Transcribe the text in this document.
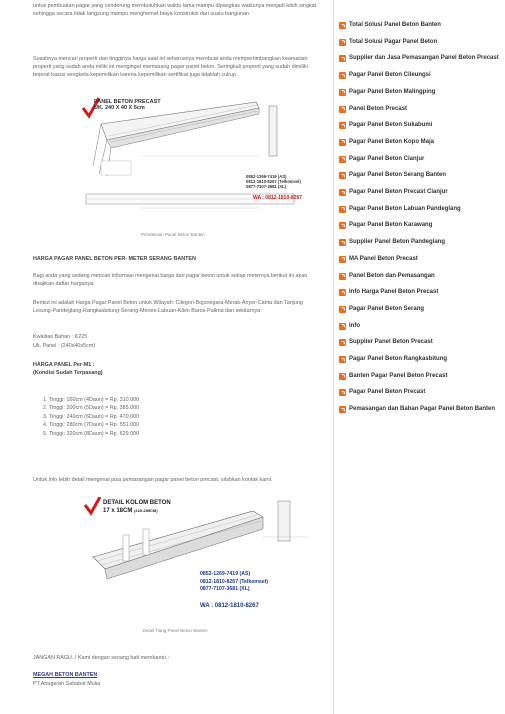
untuk pembuatan pagar yang cenderung membutuhkan waktu lama mampu dipangkas waktunya menjadi lebih singkat sehingga secara tidak langsung mampu menghemat biaya konstruksi dari suatu bangunan.

Susahnya mencari properti dan tingginya harga saat ini seharusnya membuat anda mempertimbangkan keamanan properti yang sudah anda miliki ini mengingat memasang pagar panel beton. Seringkali properti yang sudah dimiliki terjerat kasus sengketa kepemilikan karena kepemilikan sertifikat juga tidaklah cukup.

PANEL BETON PRECAST
UK. 240 X 40 X 5cm
0852-1269-7419 (AS)
0812-1810-8267 (Telkomsel)
0877-7107-3681 (XL)
WA : 0812-1810-8267
Pembesian Panel Beton Banten

HARGA PAGAR PANEL BETON PER- METER SERANG BANTEN

Bagi anda yang sedang mencari informasi mengenai harga dari pagar beton untuk setiap meternya berikut ini akan disajikan daftar harganya.

Berikut ini adalah Harga Pagar Panel Beton untuk Wilayah: Cilegon-Bojonegara-Merak-Anyer-Carita dan Tanjung Lesung-Pandeglang-Rangkasbitung-Serang-Menes-Labuan-Kibin Baros-Palima dan sekitarnya:

Kwalitas Bahan : K225

Uk. Panel : (240x40x5cm)

HARGA PANEL Per-M1 :

(Kondisi Sudah Terpasang)

1. Tinggi: 160cm (4Daun) = Rp. 310.000
2. Tinggi: 200cm (5Daun) = Rp. 385.000
3. Tinggi: 240cm (6Daun) = Rp. 470.000
4. Tinggi: 280cm (7Daun) = Rp. 551.000
5. Tinggi: 320cm (8Daun) = Rp. 629.000

Untuk info lebih detail mengenai jasa pemasangan pagar panel beton precast, silahkan kontak kami.

DETAIL KOLOM BETON
17 x 18CM (220-285CM)
0852-1269-7419 (AS)
0812-1810-8267 (Telkomsel)
0877-7107-3681 (XL)
WA : 0812-1810-8267
Detail Tiang Panel Beton Banten

JANGAN RAGU..! Kami dengan senang hati membantu :

MEGAH BETON BANTEN

PT.Anugerah Sahabat Mulia

Total Solusi Panel Beton Banten
Total Solusi Pagar Panel Beton
Supplier dan Jasa Pemasangan Panel Beton Precast
Pagar Panel Beton Cileungsi
Pagar Panel Beton Malingping
Panel Beton Precast
Pagar Panel Beton Sukabumi
Pagar Panel Beton Kopo Maja
Pagar Panel Beton Cianjur
Pagar Panel Beton Serang Banten
Pagar Panel Beton Precast Cianjur
Pagar Panel Beton Labuan Pandeglang
Pagar Panel Beton Karawang
Supplier Panel Beton Pandeglang
MA Panel Beton Precast
Panel Beton dan Pemasangan
Info Harga Panel Beton Precast
Pagar Panel Beton Serang
Info
Supplier Panel Beton Precast
Pagar Panel Beton Rangkasbitung
Banten Pagar Panel Beton Precast
Pagar Panel Beton Precast
Pemasangan dan Bahan Pagar Panel Beton Banten
